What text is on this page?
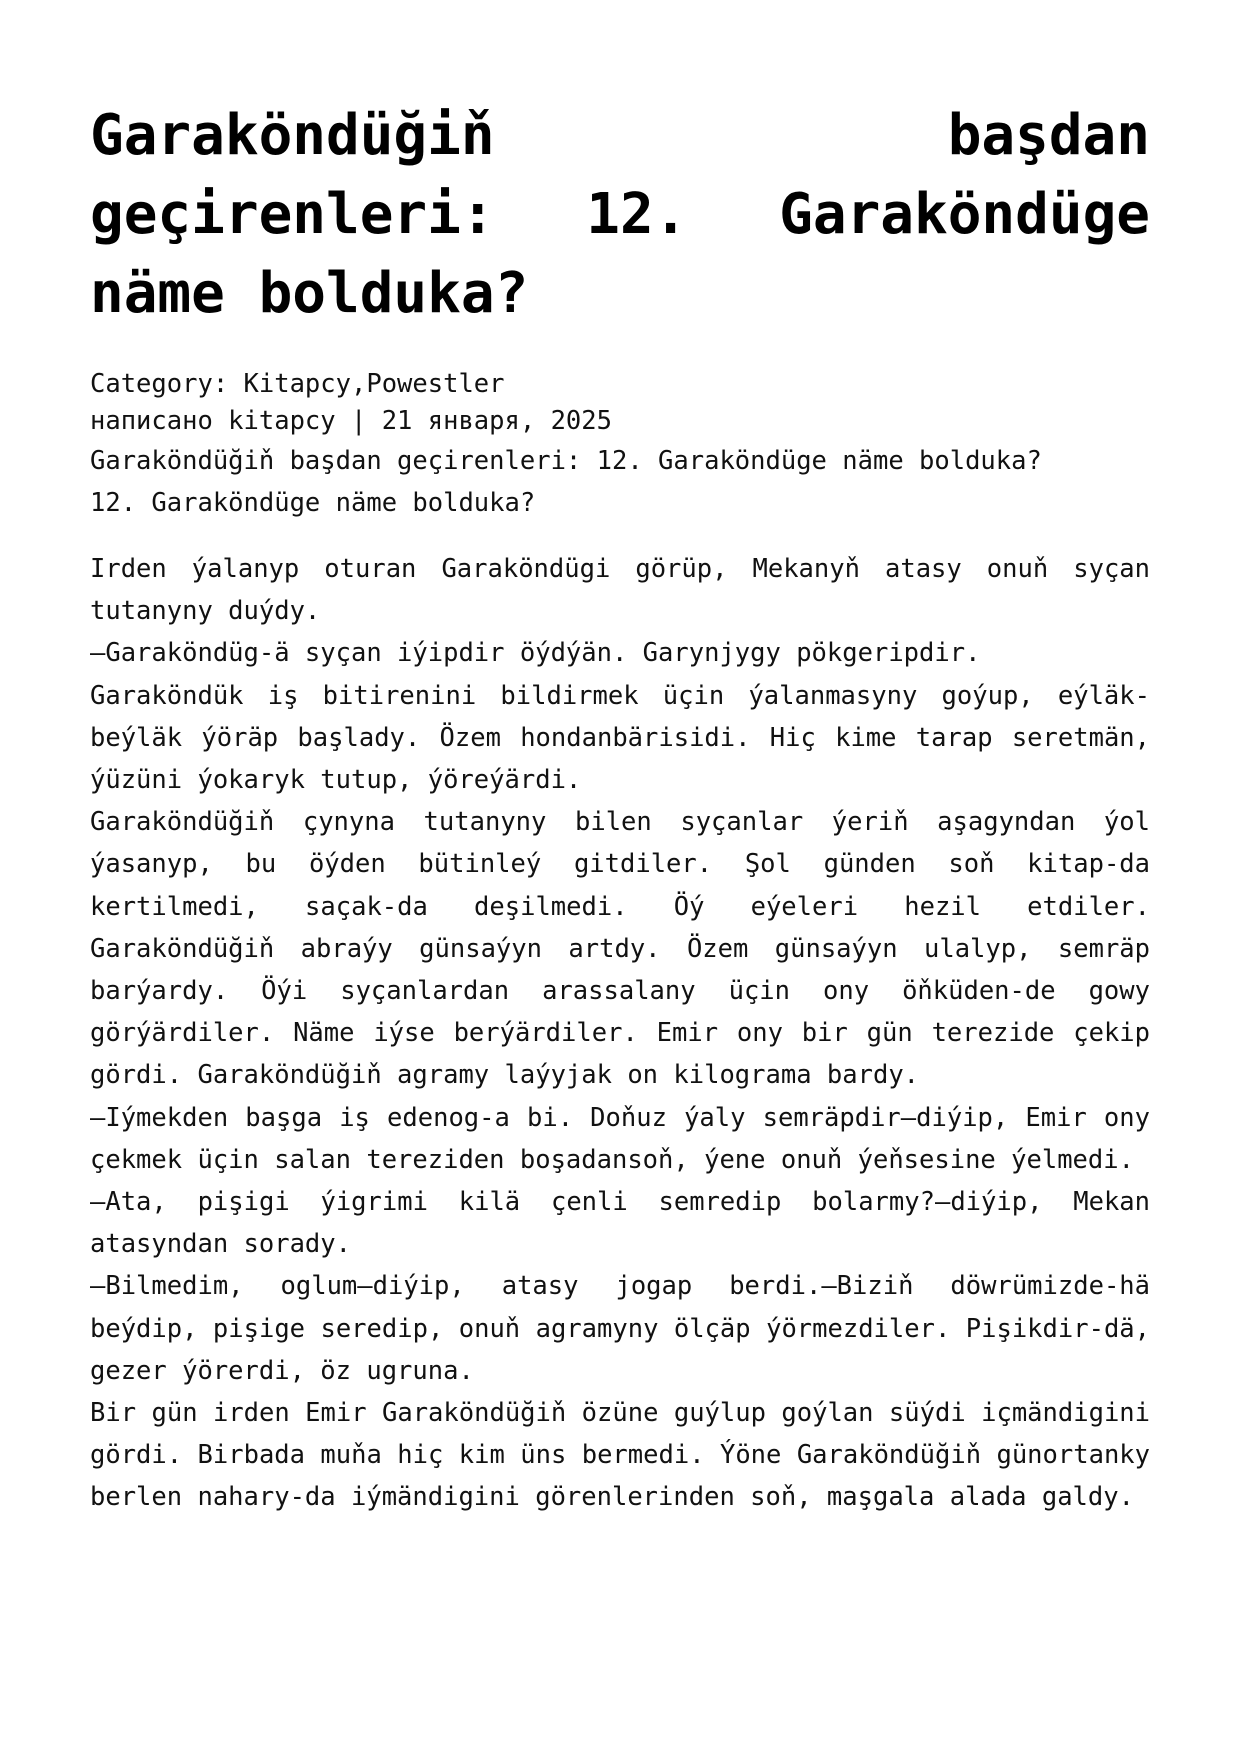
Garaköndüğiň başdan geçirenleri: 12. Garaköndüge näme bolduka?
Category: Kitapcy,Powestler
написано kitapcy | 21 января, 2025
Garaköndüğiň başdan geçirenleri: 12. Garaköndüge näme bolduka?
12. Garaköndüge näme bolduka?

Irden ýalanyp oturan Garaköndügi görüp, Mekanyň atasy onuň syçan tutanyny duýdy.

—Garaköndüg-ä syçan iýipdir öýdýän. Garynjygy pökgeripdir.

Garaköndük iş bitirenini bildirmek üçin ýalanmasyny goýup, eýläk-beýläk ýöräp başlady. Özem hondanbärisidi. Hiç kime tarap seretmän, ýüzüni ýokaryk tutup, ýöreýärdi.

Garaköndüğiň çynyna tutanyny bilen syçanlar ýeriň aşagyndan ýol ýasanyp, bu öýden bütinleý gitdiler. Şol günden soň kitap-da kertilmedi, saçak-da deşilmedi. Öý eýeleri hezil etdiler. Garaköndüğiň abraýy günsaýyn artdy. Özem günsaýyn ulalyp, semräp barýardy. Öýi syçanlardan arassalany üçin ony öňküden-de gowy görýärdiler. Näme iýse berýärdiler. Emir ony bir gün terezide çekip gördi. Garaköndüğiň agramy laýyjak on kilograma bardy.

—Iýmekden başga iş edenog-a bi. Doňuz ýaly semräpdir—diýip, Emir ony çekmek üçin salan tereziden boşadansoň, ýene onuň ýeňsesine ýelmedi.

—Ata, pişigi ýigrimi kilä çenli semredip bolarmy?—diýip, Mekan atasyndan sorady.

—Bilmedim, oglum—diýip, atasy jogap berdi.—Biziň döwrümizde-hä beýdip, pişige seredip, onuň agramyny ölçäp ýörmezdiler. Pişikdir-dä, gezer ýörerdi, öz ugruna.

Bir gün irden Emir Garaköndüğiň özüne guýlup goýlan süýdi içmändigini gördi. Birbada muňa hiç kim üns bermedi. Ýöne Garaköndüğiň günortanky berlen nahary-da iýmändigini görenlerinden soň, maşgala alada galdy.
